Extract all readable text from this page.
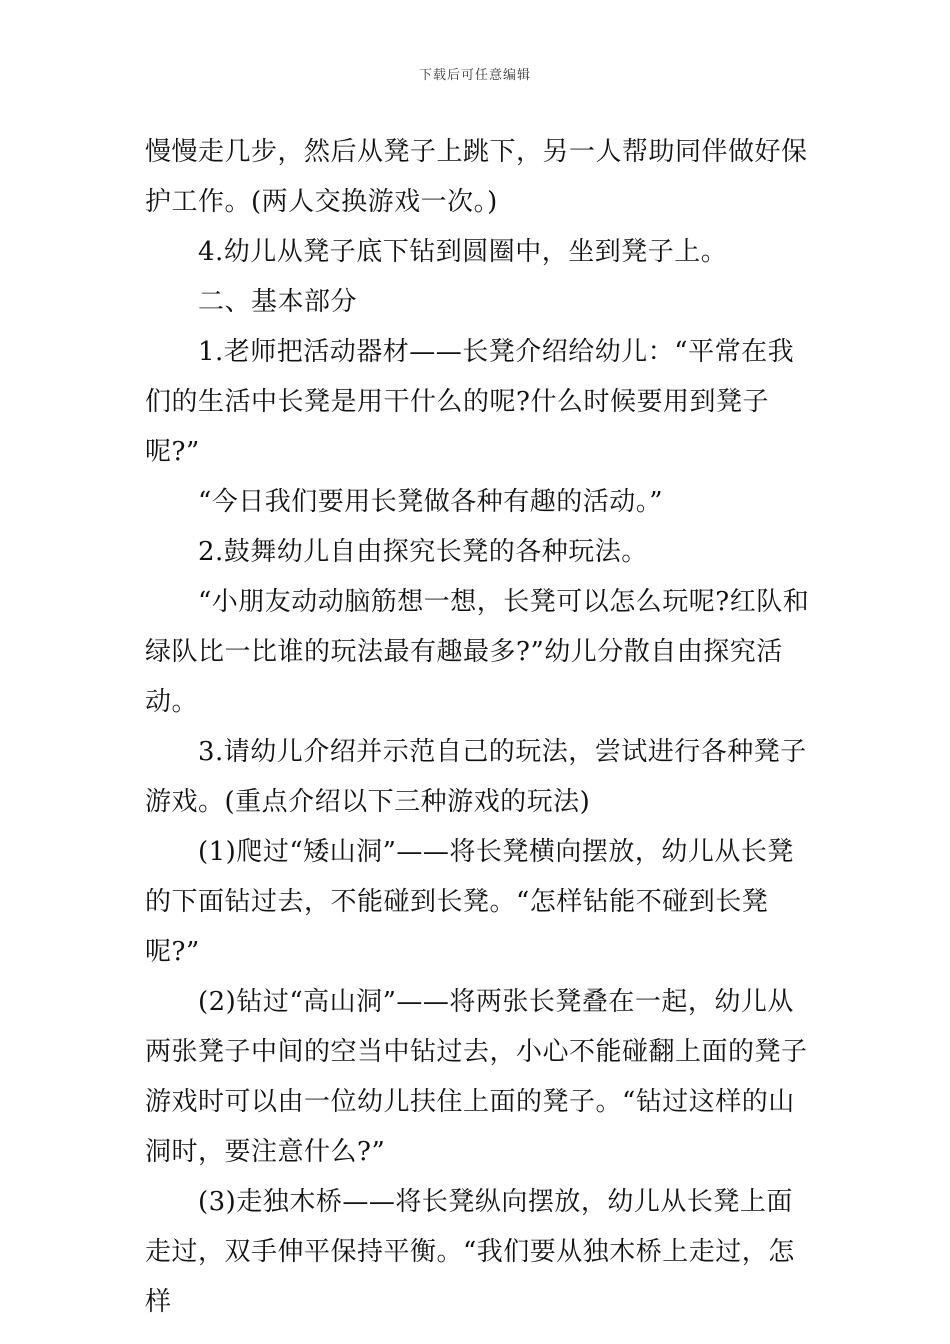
下载后可任意编辑

慢慢走几步，然后从凳子上跳下，另一人帮助同伴做好保护工作。(两人交换游戏一次。)

4.幼儿从凳子底下钻到圆圈中，坐到凳子上。

二、基本部分

1.老师把活动器材——长凳介绍给幼儿：“平常在我们的生活中长凳是用干什么的呢?什么时候要用到凳子呢?”

“今日我们要用长凳做各种有趣的活动。”

2.鼓舞幼儿自由探究长凳的各种玩法。

“小朋友动动脑筋想一想，长凳可以怎么玩呢?红队和绿队比一比谁的玩法最有趣最多?”幼儿分散自由探究活动。

3.请幼儿介绍并示范自己的玩法，尝试进行各种凳子游戏。(重点介绍以下三种游戏的玩法)

(1)爬过“矮山洞”——将长凳横向摆放，幼儿从长凳的下面钻过去，不能碰到长凳。“怎样钻能不碰到长凳呢?”

(2)钻过“高山洞”——将两张长凳叠在一起，幼儿从两张凳子中间的空当中钻过去，小心不能碰翻上面的凳子游戏时可以由一位幼儿扶住上面的凳子。“钻过这样的山洞时，要注意什么?”

(3)走独木桥——将长凳纵向摆放，幼儿从长凳上面走过，双手伸平保持平衡。“我们要从独木桥上走过，怎样
